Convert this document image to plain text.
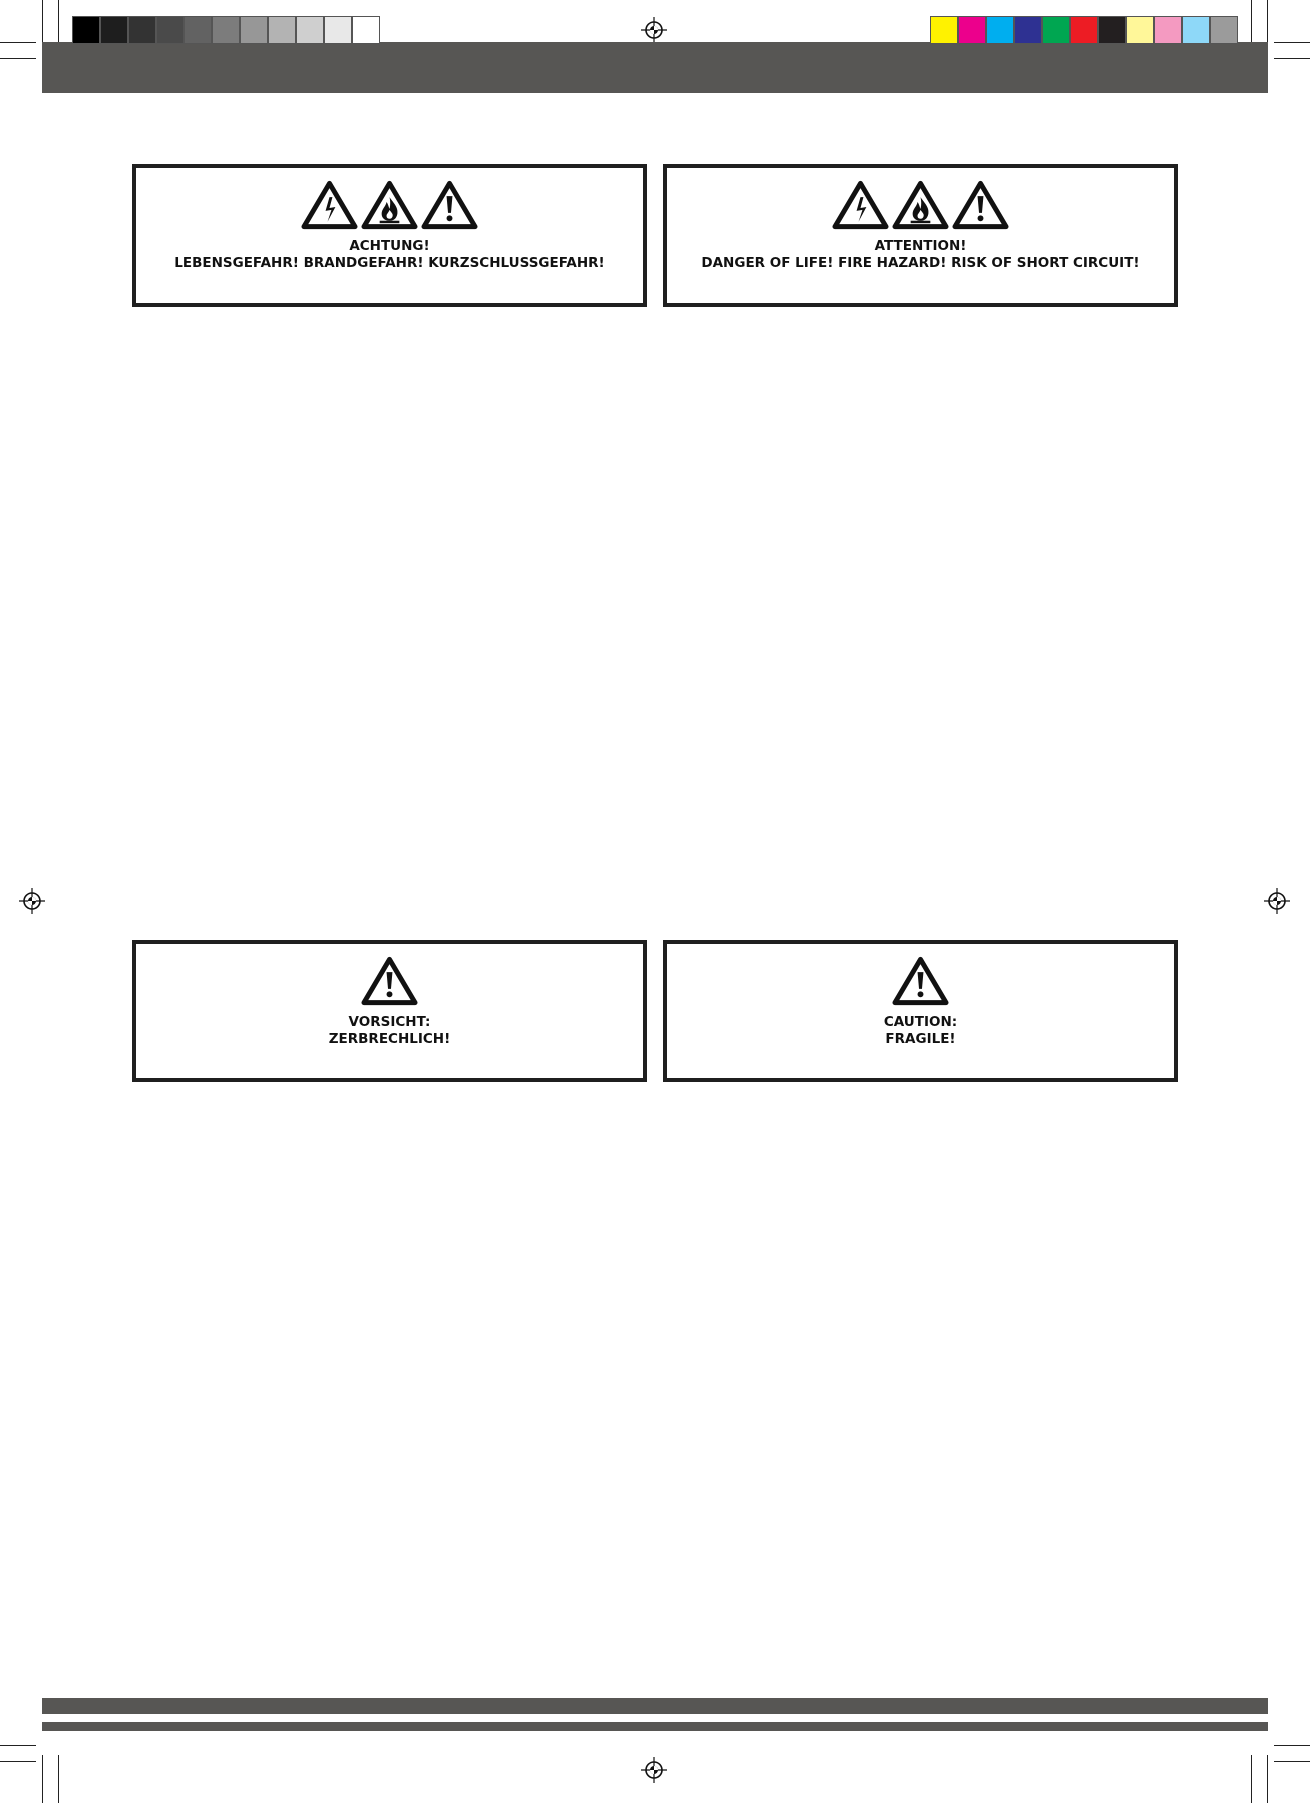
ACHTUNG!
LEBENSGEFAHR! BRANDGEFAHR! KURZSCHLUSSGEFAHR!
ATTENTION!
DANGER OF LIFE! FIRE HAZARD! RISK OF SHORT CIRCUIT!
VORSICHT:
ZERBRECHLICH!
CAUTION:
FRAGILE!
